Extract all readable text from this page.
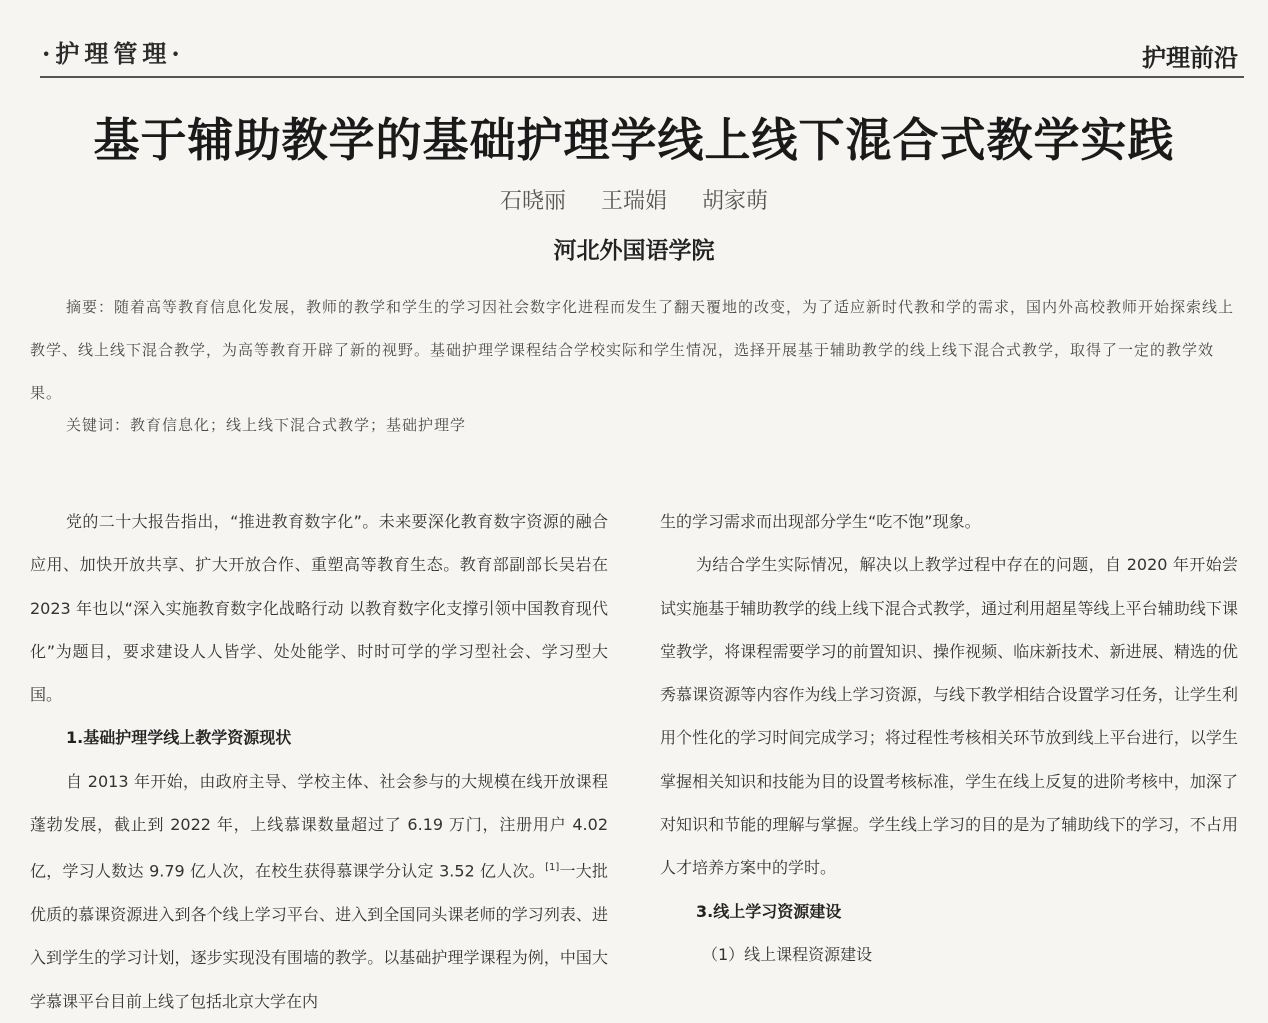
·护理管理·	护理前沿
基于辅助教学的基础护理学线上线下混合式教学实践
石晓丽 王瑞娟 胡家萌
河北外国语学院
摘要：随着高等教育信息化发展，教师的教学和学生的学习因社会数字化进程而发生了翻天覆地的改变，为了适应新时代教和学的需求，国内外高校教师开始探索线上教学、线上线下混合教学，为高等教育开辟了新的视野。基础护理学课程结合学校实际和学生情况，选择开展基于辅助教学的线上线下混合式教学，取得了一定的教学效果。
关键词：教育信息化；线上线下混合式教学；基础护理学

党的二十大报告指出，“推进教育数字化”。未来要深化教育数字资源的融合应用、加快开放共享、扩大开放合作、重塑高等教育生态。教育部副部长吴岩在 2023 年也以“深入实施教育数字化战略行动 以教育数字化支撑引领中国教育现代化”为题目，要求建设人人皆学、处处能学、时时可学的学习型社会、学习型大国。

1.基础护理学线上教学资源现状

自 2013 年开始，由政府主导、学校主体、社会参与的大规模在线开放课程蓬勃发展，截止到 2022 年，上线慕课数量超过了 6.19 万门，注册用户 4.02 亿，学习人数达 9.79 亿人次，在校生获得慕课学分认定 3.52 亿人次。[1]一大批优质的慕课资源进入到各个线上学习平台、进入到全国同头课老师的学习列表、进入到学生的学习计划，逐步实现没有围墙的教学。以基础护理学课程为例，中国大学慕课平台目前上线了包括北京大学在内

生的学习需求而出现部分学生“吃不饱”现象。

为结合学生实际情况，解决以上教学过程中存在的问题，自 2020 年开始尝试实施基于辅助教学的线上线下混合式教学，通过利用超星等线上平台辅助线下课堂教学，将课程需要学习的前置知识、操作视频、临床新技术、新进展、精选的优秀慕课资源等内容作为线上学习资源，与线下教学相结合设置学习任务，让学生利用个性化的学习时间完成学习；将过程性考核相关环节放到线上平台进行，以学生掌握相关知识和技能为目的设置考核标准，学生在线上反复的进阶考核中，加深了对知识和节能的理解与掌握。学生线上学习的目的是为了辅助线下的学习，不占用人才培养方案中的学时。

3.线上学习资源建设

（1）线上课程资源建设
